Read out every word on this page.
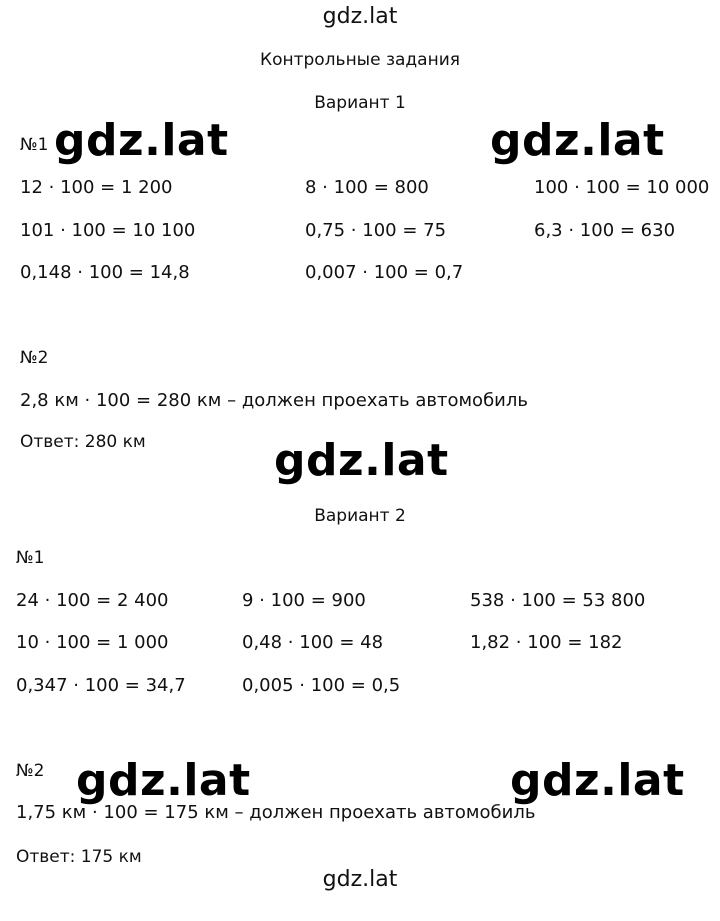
gdz.lat
Контрольные задания
Вариант 1
№1
12 · 100 = 1 200	8 · 100 = 800	100 · 100 = 10 000
101 · 100 = 10 100	0,75 · 100 = 75	6,3 · 100 = 630
0,148 · 100 = 14,8	0,007 · 100 = 0,7
№2
2,8 км · 100 = 280 км – должен проехать автомобиль
Ответ: 280 км
Вариант 2
№1
24 · 100 = 2 400	9 · 100 = 900	538 · 100 = 53 800
10 · 100 = 1 000	0,48 · 100 = 48	1,82 · 100 = 182
0,347 · 100 = 34,7	0,005 · 100 = 0,5
№2
1,75 км · 100 = 175 км – должен проехать автомобиль
Ответ: 175 км
gdz.lat	gdz.lat
gdz.lat
gdz.lat	gdz.lat
gdz.lat
